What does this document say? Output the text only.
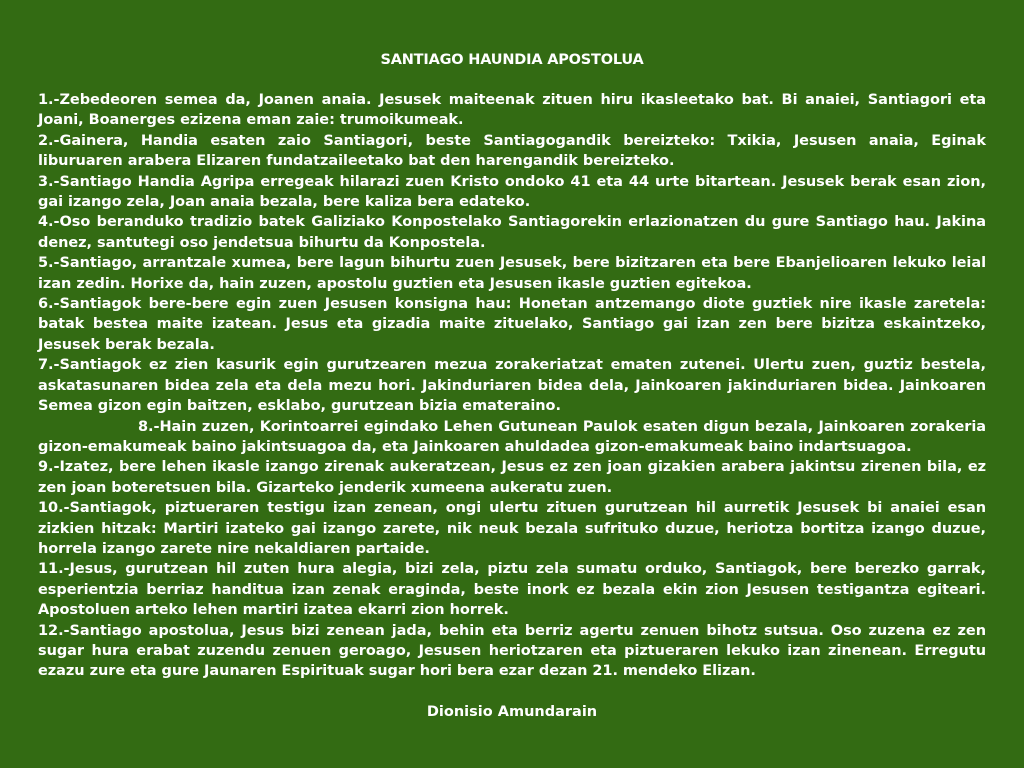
SANTIAGO HAUNDIA APOSTOLUA

1.-Zebedeoren semea da, Joanen anaia. Jesusek maiteenak zituen hiru ikasleetako bat. Bi anaiei, Santiagori eta Joani, Boanerges ezizena eman zaie: trumoikumeak.

2.-Gainera, Handia esaten zaio Santiagori, beste Santiagogandik bereizteko: Txikia, Jesusen anaia, Eginak liburuaren arabera Elizaren fundatzaileetako bat den harengandik bereizteko.

3.-Santiago Handia Agripa erregeak hilarazi zuen Kristo ondoko 41 eta 44 urte bitartean. Jesusek berak esan zion, gai izango zela, Joan anaia bezala, bere kaliza bera edateko.

4.-Oso beranduko tradizio batek Galiziako Konpostelako Santiagorekin erlazionatzen du gure Santiago hau. Jakina denez, santutegi oso jendetsua bihurtu da Konpostela.

5.-Santiago, arrantzale xumea, bere lagun bihurtu zuen Jesusek, bere bizitzaren eta bere Ebanjelioaren lekuko leial izan zedin. Horixe da, hain zuzen, apostolu guztien eta Jesusen ikasle guztien egitekoa.

6.-Santiagok bere-bere egin zuen Jesusen konsigna hau: Honetan antzemango diote guztiek nire ikasle zaretela: batak bestea maite izatean. Jesus eta gizadia maite zituelako, Santiago gai izan zen bere bizitza eskaintzeko, Jesusek berak bezala.

7.-Santiagok ez zien kasurik egin gurutzearen mezua zorakeriatzat ematen zutenei. Ulertu zuen, guztiz bestela, askatasunaren bidea zela eta dela mezu hori. Jakinduriaren bidea dela, Jainkoaren jakinduriaren bidea. Jainkoaren Semea gizon egin baitzen, esklabo, gurutzean bizia emateraino.

8.-Hain zuzen, Korintoarrei egindako Lehen Gutunean Paulok esaten digun bezala, Jainkoaren zorakeria gizon-emakumeak baino jakintsuagoa da, eta Jainkoaren ahuldadea gizon-emakumeak baino indartsuagoa.

9.-Izatez, bere lehen ikasle izango zirenak aukeratzean, Jesus ez zen joan gizakien arabera jakintsu zirenen bila, ez zen joan boteretsuen bila. Gizarteko jenderik xumeena aukeratu zuen.

10.-Santiagok, piztueraren testigu izan zenean, ongi ulertu zituen gurutzean hil aurretik Jesusek bi anaiei esan zizkien hitzak: Martiri izateko gai izango zarete, nik neuk bezala sufrituko duzue, heriotza bortitza izango duzue, horrela izango zarete nire nekaldiaren partaide.

11.-Jesus, gurutzean hil zuten hura alegia, bizi zela, piztu zela sumatu orduko, Santiagok, bere berezko garrak, esperientzia berriaz handitua izan zenak eraginda, beste inork ez bezala ekin zion Jesusen testigantza egiteari. Apostoluen arteko lehen martiri izatea ekarri zion horrek.

12.-Santiago apostolua, Jesus bizi zenean jada, behin eta berriz agertu zenuen bihotz sutsua. Oso zuzena ez zen sugar hura erabat zuzendu zenuen geroago, Jesusen heriotzaren eta piztueraren lekuko izan zinenean. Erregutu ezazu zure eta gure Jaunaren Espirituak sugar hori bera ezar dezan 21. mendeko Elizan.

Dionisio Amundarain
